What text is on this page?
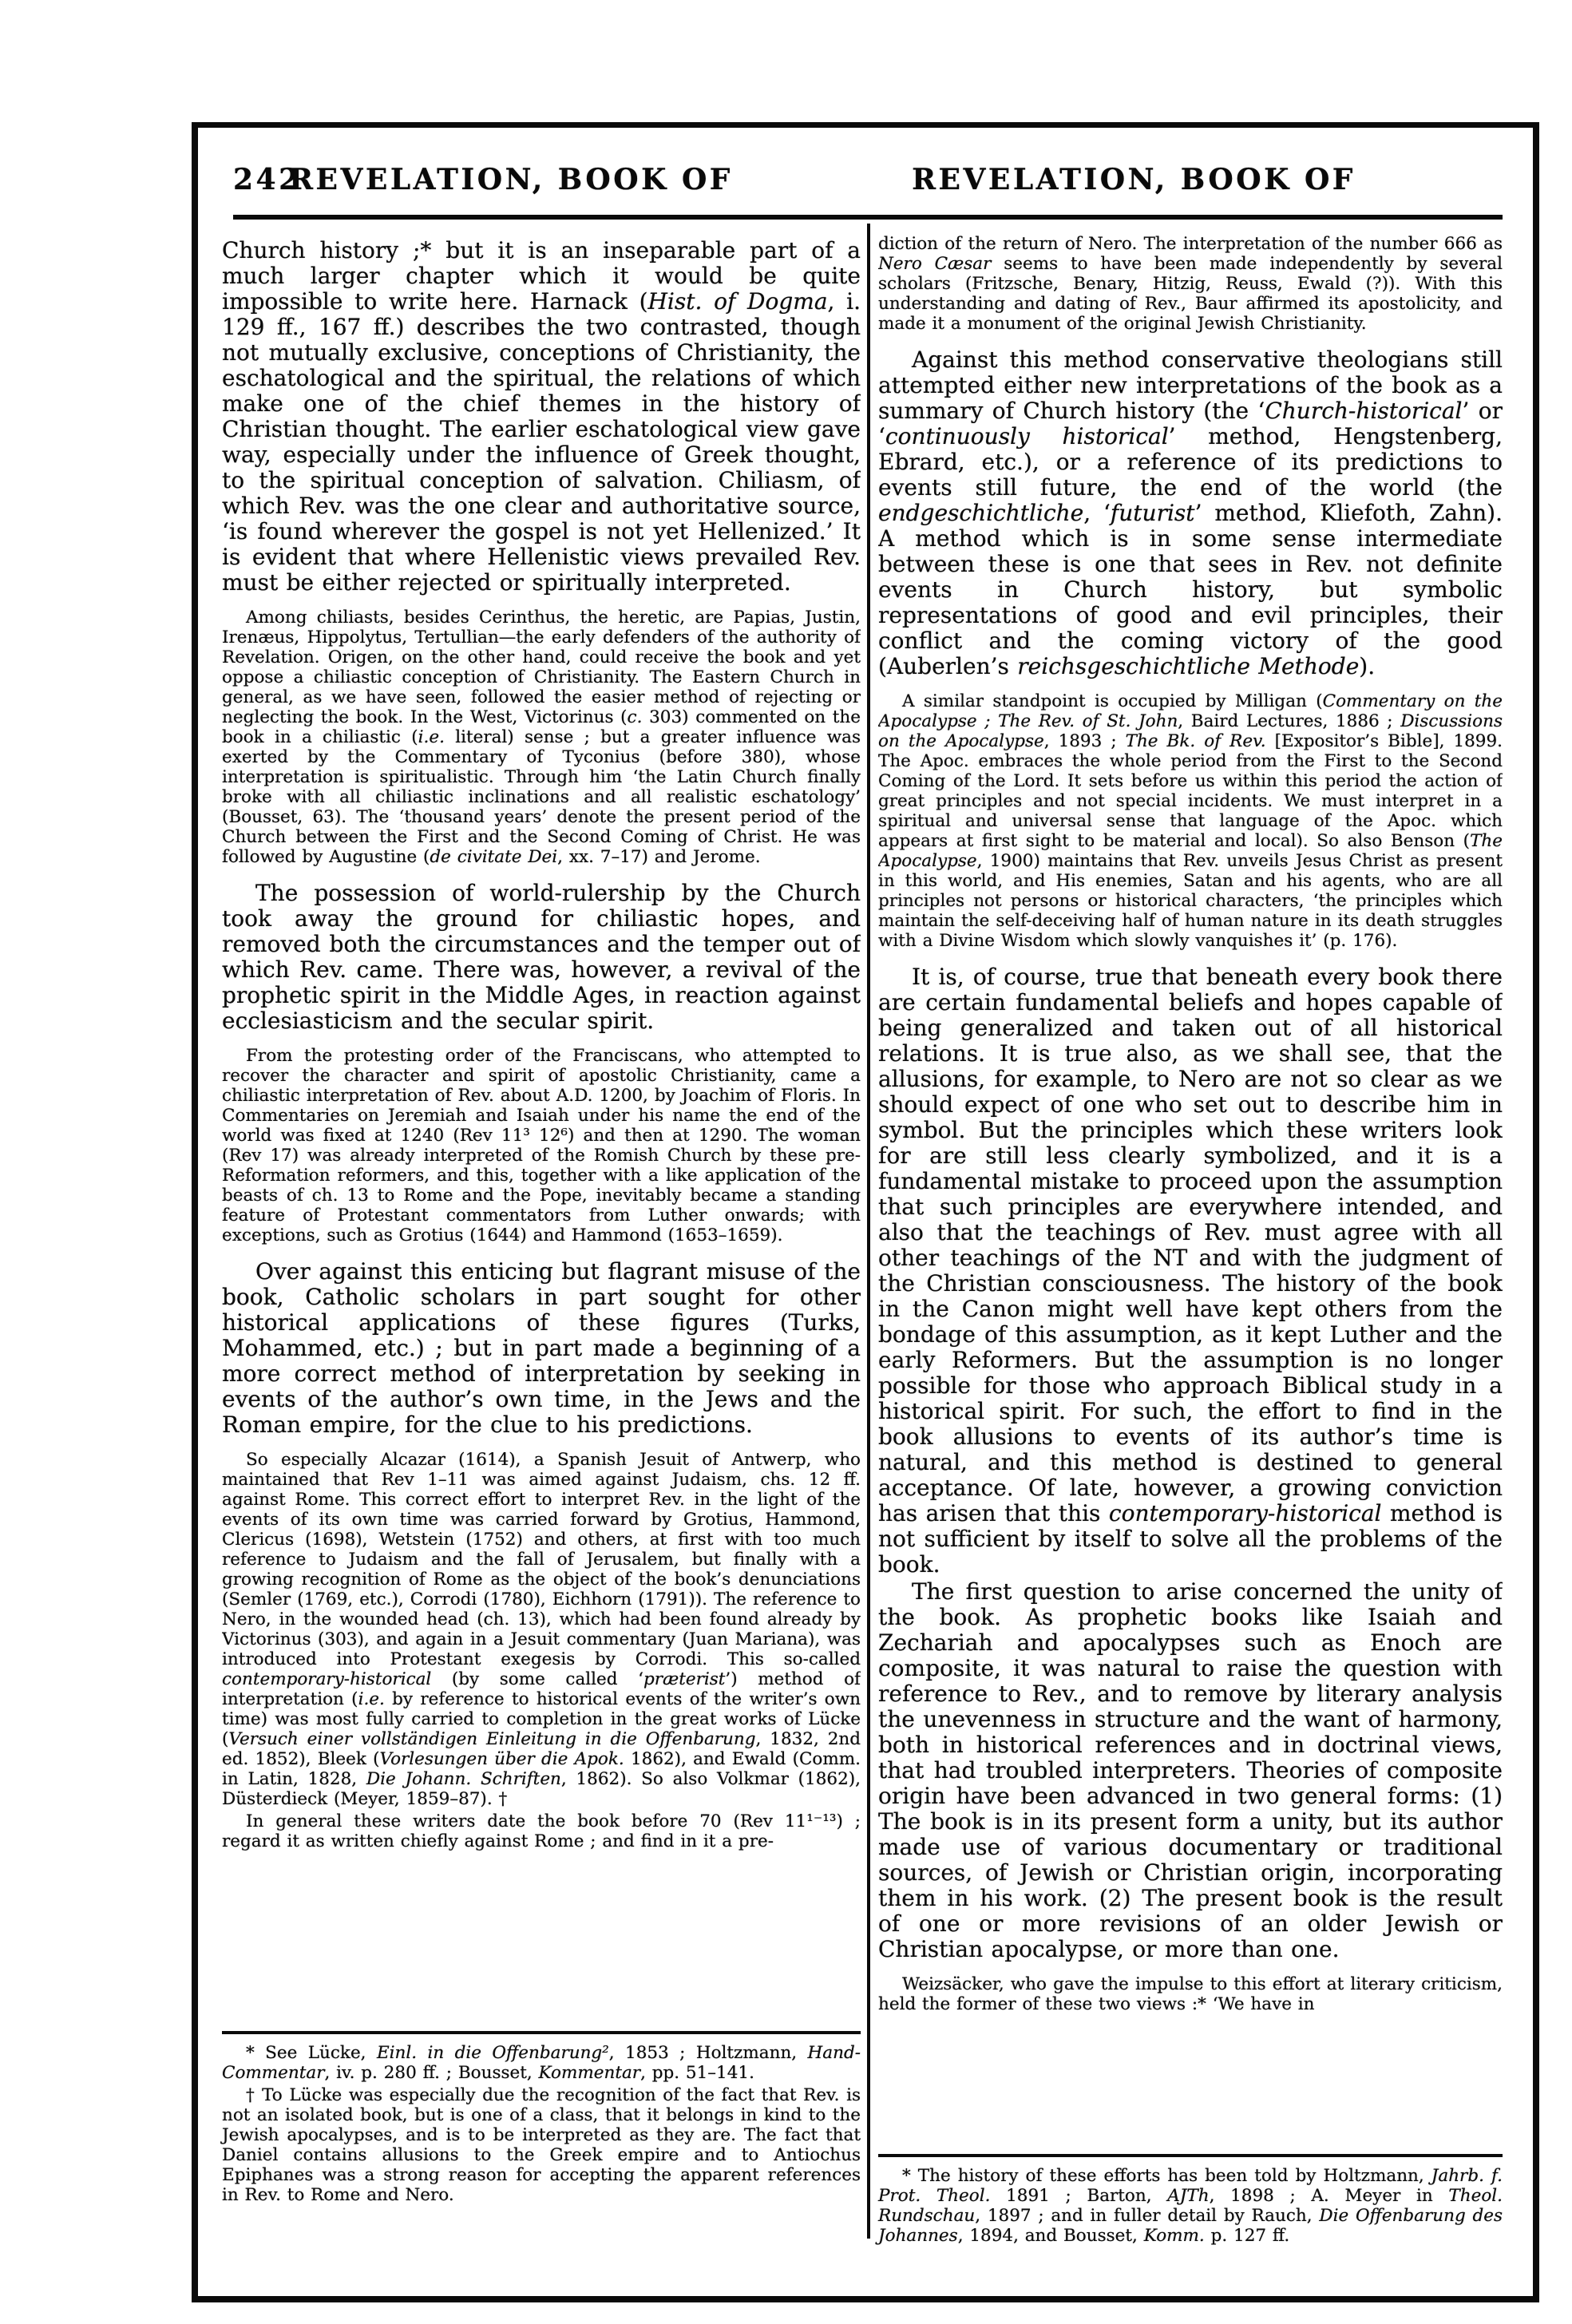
242
REVELATION, BOOK OF	REVELATION, BOOK OF

Church history ;* but it is an inseparable part of a much larger chapter which it would be quite impossible to write here. Harnack (Hist. of Dogma, i. 129 ff., 167 ff.) describes the two contrasted, though not mutually exclusive, conceptions of Christianity, the eschatological and the spiritual, the relations of which make one of the chief themes in the history of Christian thought. The earlier eschatological view gave way, especially under the influence of Greek thought, to the spiritual conception of salvation. Chiliasm, of which Rev. was the one clear and authoritative source, ‘is found wherever the gospel is not yet Hellenized.’ It is evident that where Hellenistic views prevailed Rev. must be either rejected or spiritually interpreted.

Among chiliasts, besides Cerinthus, the heretic, are Papias, Justin, Irenæus, Hippolytus, Tertullian—the early defenders of the authority of Revelation. Origen, on the other hand, could receive the book and yet oppose a chiliastic conception of Christianity. The Eastern Church in general, as we have seen, followed the easier method of rejecting or neglecting the book. In the West, Victorinus (c. 303) commented on the book in a chiliastic (i.e. literal) sense ; but a greater influence was exerted by the Commentary of Tyconius (before 380), whose interpretation is spiritualistic. Through him ‘the Latin Church finally broke with all chiliastic inclinations and all realistic eschatology’ (Bousset, 63). The ‘thousand years’ denote the present period of the Church between the First and the Second Coming of Christ. He was followed by Augustine (de civitate Dei, xx. 7–17) and Jerome.

The possession of world-rulership by the Church took away the ground for chiliastic hopes, and removed both the circumstances and the temper out of which Rev. came. There was, however, a revival of the prophetic spirit in the Middle Ages, in reaction against ecclesiasticism and the secular spirit.

From the protesting order of the Franciscans, who attempted to recover the character and spirit of apostolic Christianity, came a chiliastic interpretation of Rev. about A.D. 1200, by Joachim of Floris. In Commentaries on Jeremiah and Isaiah under his name the end of the world was fixed at 1240 (Rev 11³ 12⁶) and then at 1290. The woman (Rev 17) was already interpreted of the Romish Church by these pre-Reformation reformers, and this, together with a like application of the beasts of ch. 13 to Rome and the Pope, inevitably became a standing feature of Protestant commentators from Luther onwards; with exceptions, such as Grotius (1644) and Hammond (1653–1659).

Over against this enticing but flagrant misuse of the book, Catholic scholars in part sought for other historical applications of these figures (Turks, Mohammed, etc.) ; but in part made a beginning of a more correct method of interpretation by seeking in events of the author’s own time, in the Jews and the Roman empire, for the clue to his predictions.

So especially Alcazar (1614), a Spanish Jesuit of Antwerp, who maintained that Rev 1–11 was aimed against Judaism, chs. 12 ff. against Rome. This correct effort to interpret Rev. in the light of the events of its own time was carried forward by Grotius, Hammond, Clericus (1698), Wetstein (1752) and others, at first with too much reference to Judaism and the fall of Jerusalem, but finally with a growing recognition of Rome as the object of the book’s denunciations (Semler (1769, etc.), Corrodi (1780), Eichhorn (1791)). The reference to Nero, in the wounded head (ch. 13), which had been found already by Victorinus (303), and again in a Jesuit commentary (Juan Mariana), was introduced into Protestant exegesis by Corrodi. This so-called contemporary-historical (by some called ‘præterist’) method of interpretation (i.e. by reference to historical events of the writer’s own time) was most fully carried to completion in the great works of Lücke (Versuch einer vollständigen Einleitung in die Offenbarung, 1832, 2nd ed. 1852), Bleek (Vorlesungen über die Apok. 1862), and Ewald (Comm. in Latin, 1828, Die Johann. Schriften, 1862). So also Volkmar (1862), Düsterdieck (Meyer, 1859–87). †

In general these writers date the book before 70 (Rev 11¹⁻¹³) ; regard it as written chiefly against Rome ; and find in it a pre-

diction of the return of Nero. The interpretation of the number 666 as Nero Cæsar seems to have been made independently by several scholars (Fritzsche, Benary, Hitzig, Reuss, Ewald (?)). With this understanding and dating of Rev., Baur affirmed its apostolicity, and made it a monument of the original Jewish Christianity.

Against this method conservative theologians still attempted either new interpretations of the book as a summary of Church history (the ‘Church-historical’ or ‘continuously historical’ method, Hengstenberg, Ebrard, etc.), or a reference of its predictions to events still future, the end of the world (the endgeschichtliche, ‘futurist’ method, Kliefoth, Zahn). A method which is in some sense intermediate between these is one that sees in Rev. not definite events in Church history, but symbolic representations of good and evil principles, their conflict and the coming victory of the good (Auberlen’s reichsgeschichtliche Methode).

A similar standpoint is occupied by Milligan (Commentary on the Apocalypse ; The Rev. of St. John, Baird Lectures, 1886 ; Discussions on the Apocalypse, 1893 ; The Bk. of Rev. [Expositor’s Bible], 1899. The Apoc. embraces the whole period from the First to the Second Coming of the Lord. It sets before us within this period the action of great principles and not special incidents. We must interpret in a spiritual and universal sense that language of the Apoc. which appears at first sight to be material and local). So also Benson (The Apocalypse, 1900) maintains that Rev. unveils Jesus Christ as present in this world, and His enemies, Satan and his agents, who are all principles not persons or historical characters, ‘the principles which maintain the self-deceiving half of human nature in its death struggles with a Divine Wisdom which slowly vanquishes it’ (p. 176).

It is, of course, true that beneath every book there are certain fundamental beliefs and hopes capable of being generalized and taken out of all historical relations. It is true also, as we shall see, that the allusions, for example, to Nero are not so clear as we should expect of one who set out to describe him in symbol. But the principles which these writers look for are still less clearly symbolized, and it is a fundamental mistake to proceed upon the assumption that such principles are everywhere intended, and also that the teachings of Rev. must agree with all other teachings of the NT and with the judgment of the Christian consciousness. The history of the book in the Canon might well have kept others from the bondage of this assumption, as it kept Luther and the early Reformers. But the assumption is no longer possible for those who approach Biblical study in a historical spirit. For such, the effort to find in the book allusions to events of its author’s time is natural, and this method is destined to general acceptance. Of late, however, a growing conviction has arisen that this contemporary-historical method is not sufficient by itself to solve all the problems of the book.

The first question to arise concerned the unity of the book. As prophetic books like Isaiah and Zechariah and apocalypses such as Enoch are composite, it was natural to raise the question with reference to Rev., and to remove by literary analysis the unevenness in structure and the want of harmony, both in historical references and in doctrinal views, that had troubled interpreters. Theories of composite origin have been advanced in two general forms: (1) The book is in its present form a unity, but its author made use of various documentary or traditional sources, of Jewish or Christian origin, incorporating them in his work. (2) The present book is the result of one or more revisions of an older Jewish or Christian apocalypse, or more than one.

Weizsäcker, who gave the impulse to this effort at literary criticism, held the former of these two views :* ‘We have in

* See Lücke, Einl. in die Offenbarung², 1853 ; Holtzmann, Hand-Commentar, iv. p. 280 ff. ; Bousset, Kommentar, pp. 51–141.

† To Lücke was especially due the recognition of the fact that Rev. is not an isolated book, but is one of a class, that it belongs in kind to the Jewish apocalypses, and is to be interpreted as they are. The fact that Daniel contains allusions to the Greek empire and to Antiochus Epiphanes was a strong reason for accepting the apparent references in Rev. to Rome and Nero.

* The history of these efforts has been told by Holtzmann, Jahrb. f. Prot. Theol. 1891 ; Barton, AJTh, 1898 ; A. Meyer in Theol. Rundschau, 1897 ; and in fuller detail by Rauch, Die Offenbarung des Johannes, 1894, and Bousset, Komm. p. 127 ff.
